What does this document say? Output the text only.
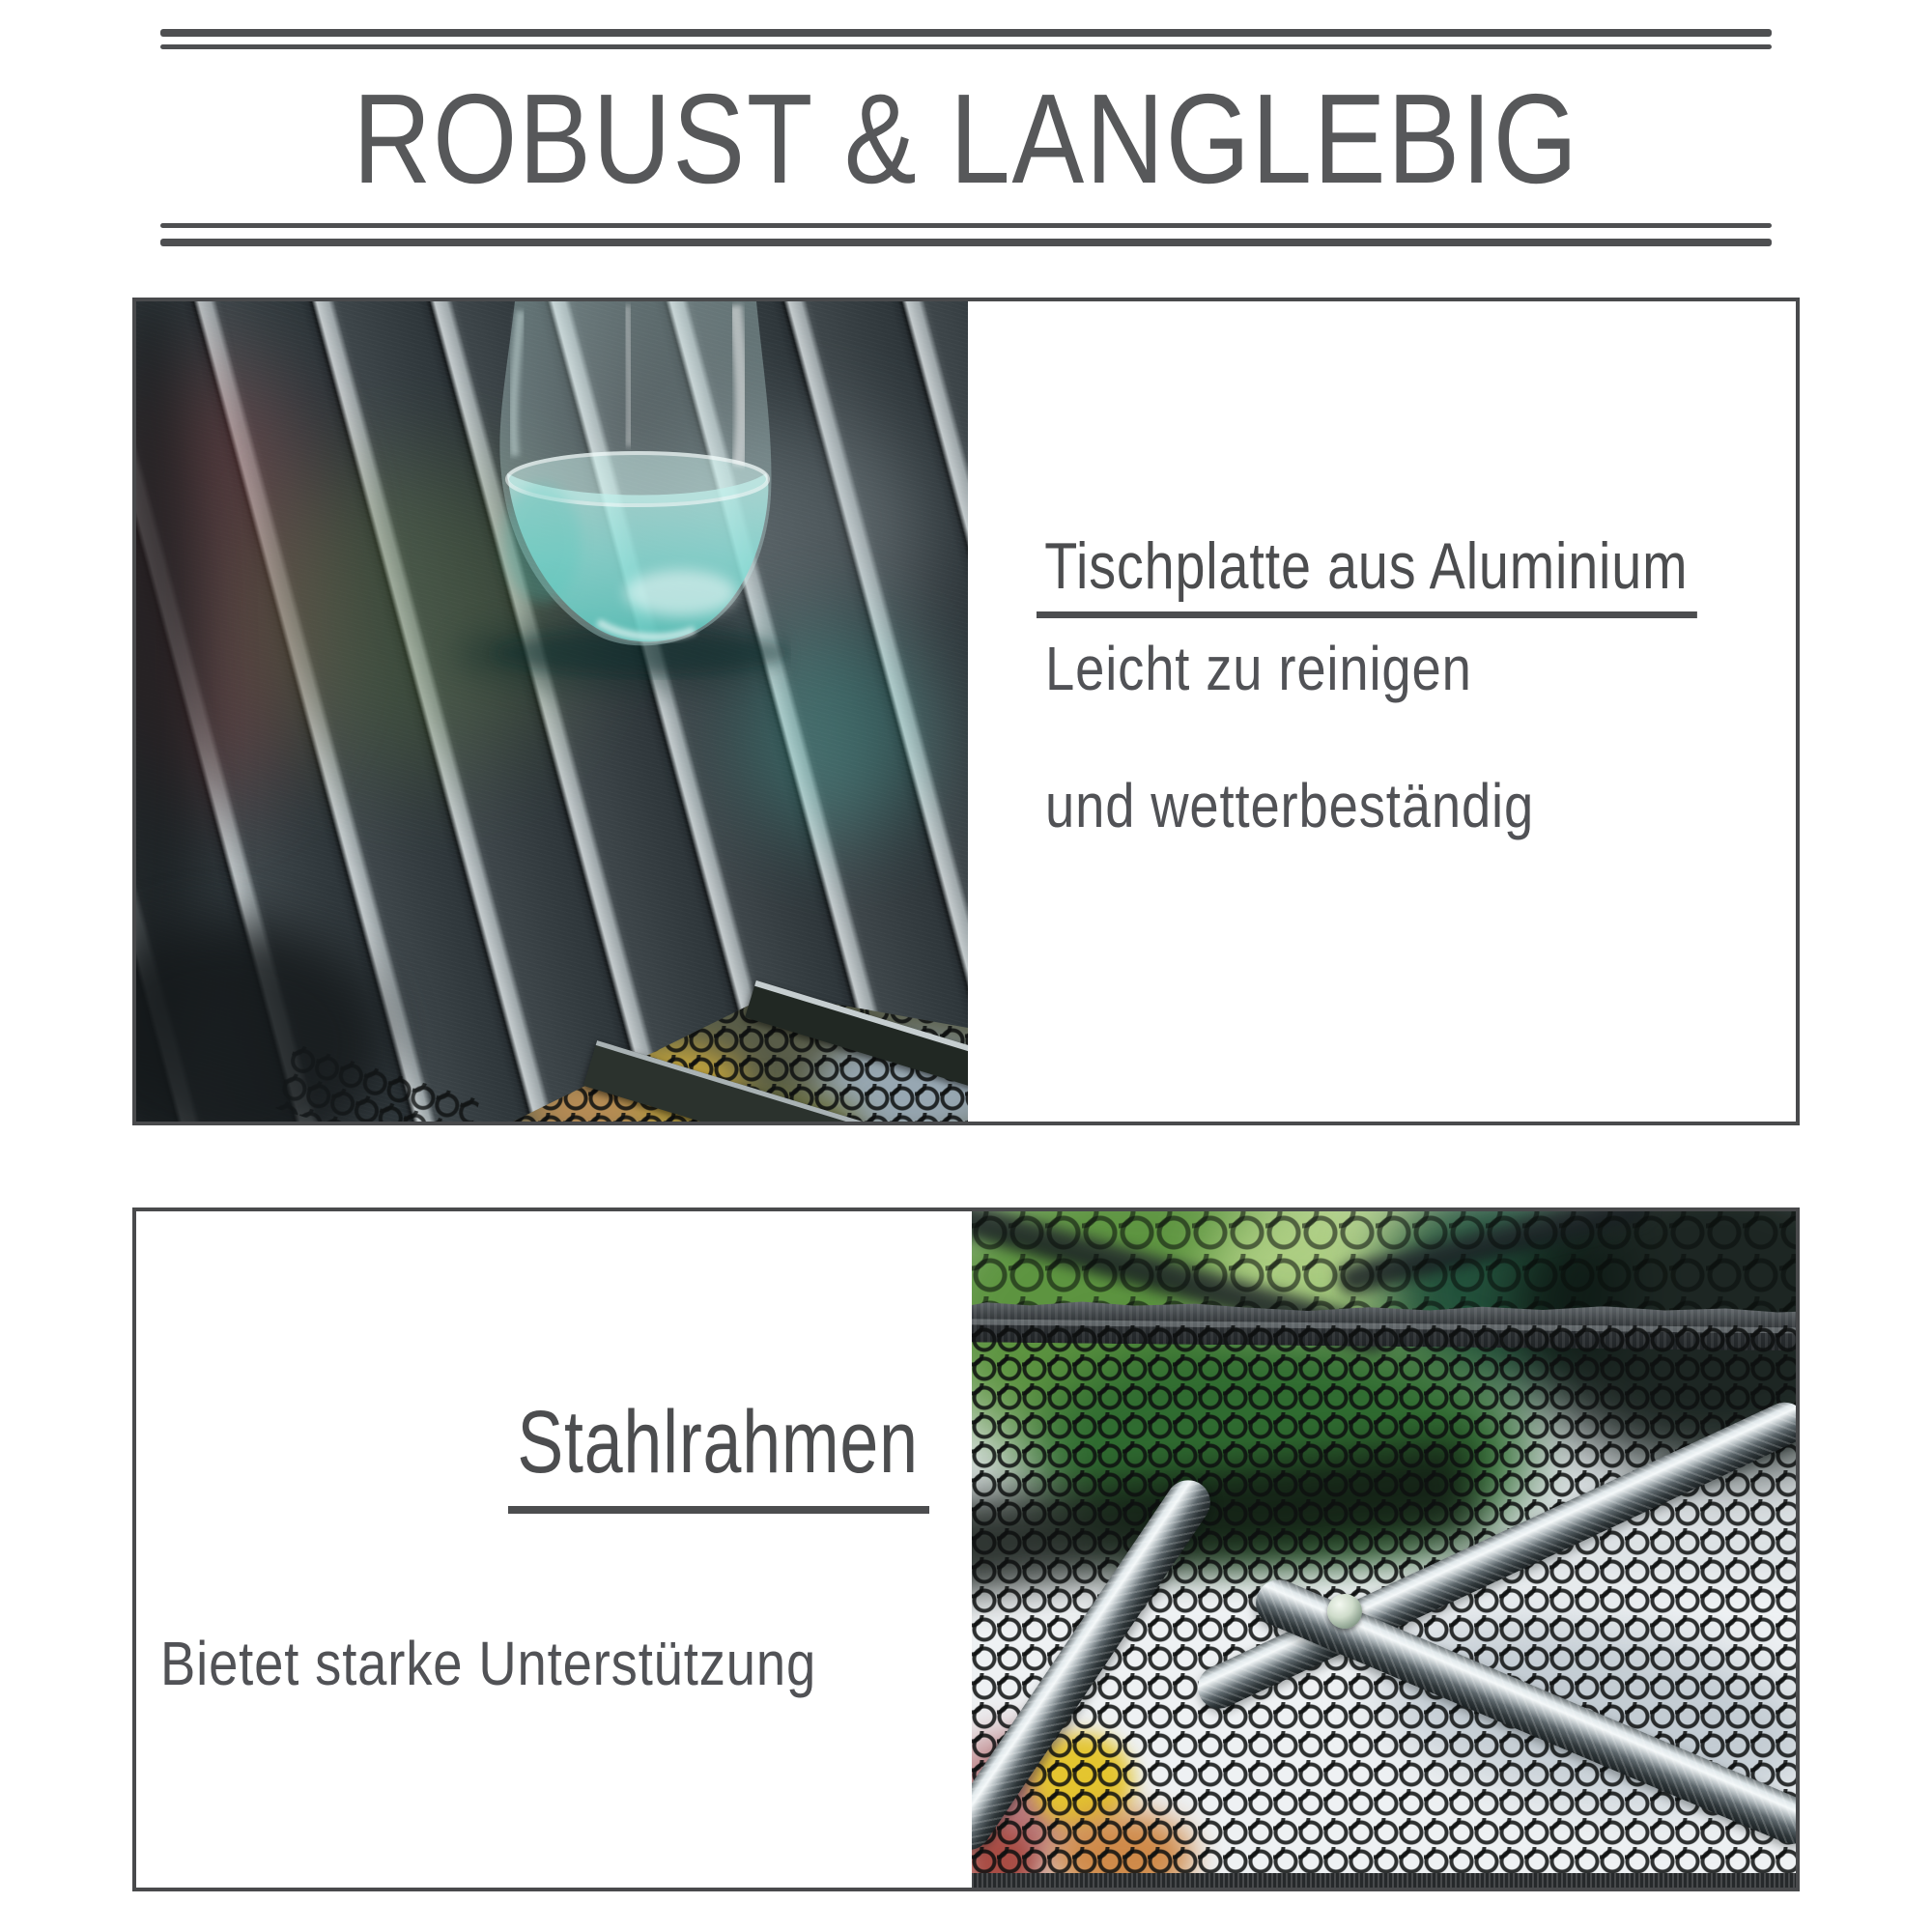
ROBUST & LANGLEBIG
Tischplatte aus Aluminium
Leicht zu reinigen
und wetterbeständig
Stahlrahmen
Bietet starke Unterstützung
